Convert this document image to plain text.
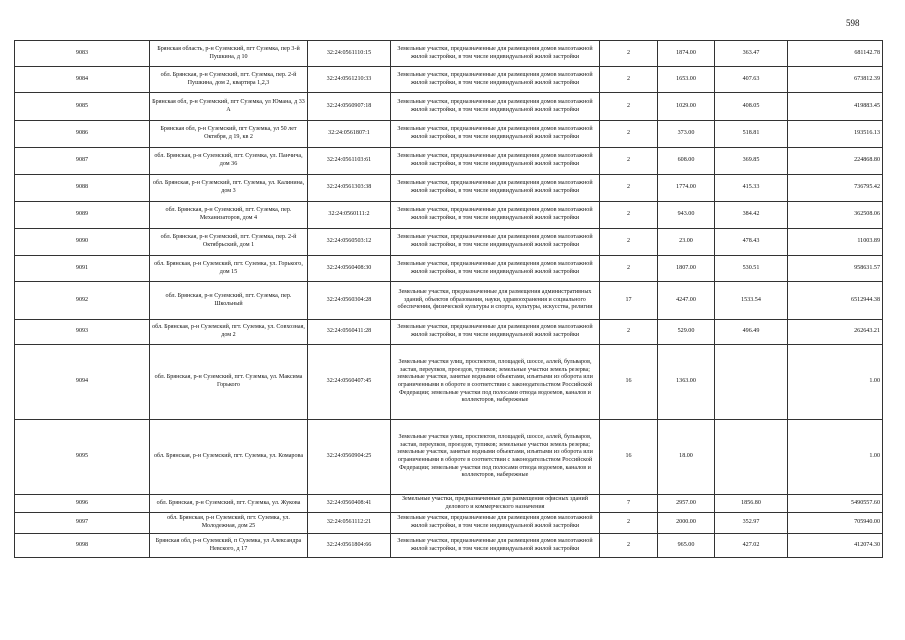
598
9083	Брянская область, р-н Суземский, пгт Суземка, пер 3-й Пушкина, д 10	32:24:0561110:15	Земельные участки, предназначенные для размещения домов малоэтажной жилой застройки, в том числе индивидуальной жилой застройки	2	1874.00	363.47	681142.78
9084	обл. Брянская, р-н Суземский, пгт. Суземка, пер. 2-й Пушкина, дом 2, квартира 1,2,3	32:24:0561210:33	Земельные участки, предназначенные для размещения домов малоэтажной жилой застройки, в том числе индивидуальной жилой застройки	2	1653.00	407.63	673812.39
9085	Брянская обл, р-н Суземский, пгт Суземка, ул Юмана, д 33 А	32:24:0560907:18	Земельные участки, предназначенные для размещения домов малоэтажной жилой застройки, в том числе индивидуальной жилой застройки	2	1029.00	408.05	419883.45
9086	Брянская обл, р-н Суземский, пгт Суземка, ул 50 лет Октября, д 19, кв 2	32:24:0561807:1	Земельные участки, предназначенные для размещения домов малоэтажной жилой застройки, в том числе индивидуальной жилой застройки	2	373.00	518.81	193516.13
9087	обл. Брянская, р-н Суземский, пгт. Суземка, ул. Панчича, дом 36	32:24:0561103:61	Земельные участки, предназначенные для размещения домов малоэтажной жилой застройки, в том числе индивидуальной жилой застройки	2	608.00	369.85	224868.80
9088	обл. Брянская, р-н Суземский, пгт. Суземка, ул. Калинина, дом 3	32:24:0561303:38	Земельные участки, предназначенные для размещения домов малоэтажной жилой застройки, в том числе индивидуальной жилой застройки	2	1774.00	415.33	736795.42
9089	обл. Брянская, р-н Суземский, пгт. Суземка, пер. Механизаторов, дом 4	32:24:0560111:2	Земельные участки, предназначенные для размещения домов малоэтажной жилой застройки, в том числе индивидуальной жилой застройки	2	943.00	384.42	362508.06
9090	обл. Брянская, р-н Суземский, пгт. Суземка, пер. 2-й Октябрьский, дом 1	32:24:0560503:12	Земельные участки, предназначенные для размещения домов малоэтажной жилой застройки, в том числе индивидуальной жилой застройки	2	23.00	478.43	11003.89
9091	обл. Брянская, р-н Суземский, пгт. Суземка, ул. Горького, дом 15	32:24:0560408:30	Земельные участки, предназначенные для размещения домов малоэтажной жилой застройки, в том числе индивидуальной жилой застройки	2	1807.00	530.51	958631.57
9092	обл. Брянская, р-н Суземский, пгт. Суземка, пер. Школьный	32:24:0560304:28	Земельные участки, предназначенные для размещения административных зданий, объектов образования, науки, здравоохранения и социального обеспечения, физической культуры и спорта, культуры, искусства, религии	17	4247.00	1533.54	6512944.38
9093	обл. Брянская, р-н Суземский, пгт. Суземка, ул. Совхозная, дом 2	32:24:0560411:28	Земельные участки, предназначенные для размещения домов малоэтажной жилой застройки, в том числе индивидуальной жилой застройки	2	529.00	496.49	262643.21
9094	обл. Брянская, р-н Суземский, пгт. Суземка, ул. Максима Горького	32:24:0560407:45	Земельные участки улиц, проспектов, площадей, шоссе, аллей, бульваров, застав, переулков, проездов, тупиков; земельные участки земель резерва; земельные участки, занятые водными объектами, изъятыми из оборота или ограниченными в обороте в соответствии с законодательством Российской Федерации; земельные участки под полосами отвода водоемов, каналов и коллекторов, набережные	16	1363.00		1.00
9095	обл. Брянская, р-н Суземский, пгт. Суземка, ул. Комарова	32:24:0560904:25	Земельные участки улиц, проспектов, площадей, шоссе, аллей, бульваров, застав, переулков, проездов, тупиков; земельные участки земель резерва; земельные участки, занятые водными объектами, изъятыми из оборота или ограниченными в обороте в соответствии с законодательством Российской Федерации; земельные участки под полосами отвода водоемов, каналов и коллекторов, набережные	16	18.00		1.00
9096	обл. Брянская, р-н Суземский, пгт. Суземка, ул. Жукова	32:24:0560408:41	Земельные участки, предназначенные для размещения офисных зданий делового и коммерческого назначения	7	2957.00	1856.80	5490557.60
9097	обл. Брянская, р-н Суземский, пгт. Суземка, ул. Молодежная, дом 25	32:24:0561112:21	Земельные участки, предназначенные для размещения домов малоэтажной жилой застройки, в том числе индивидуальной жилой застройки	2	2000.00	352.97	705940.00
9098	Брянская обл, р-н Суземский, п Суземка, ул Александра Невского, д 17	32:24:0561804:66	Земельные участки, предназначенные для размещения домов малоэтажной жилой застройки, в том числе индивидуальной жилой застройки	2	965.00	427.02	412074.30
